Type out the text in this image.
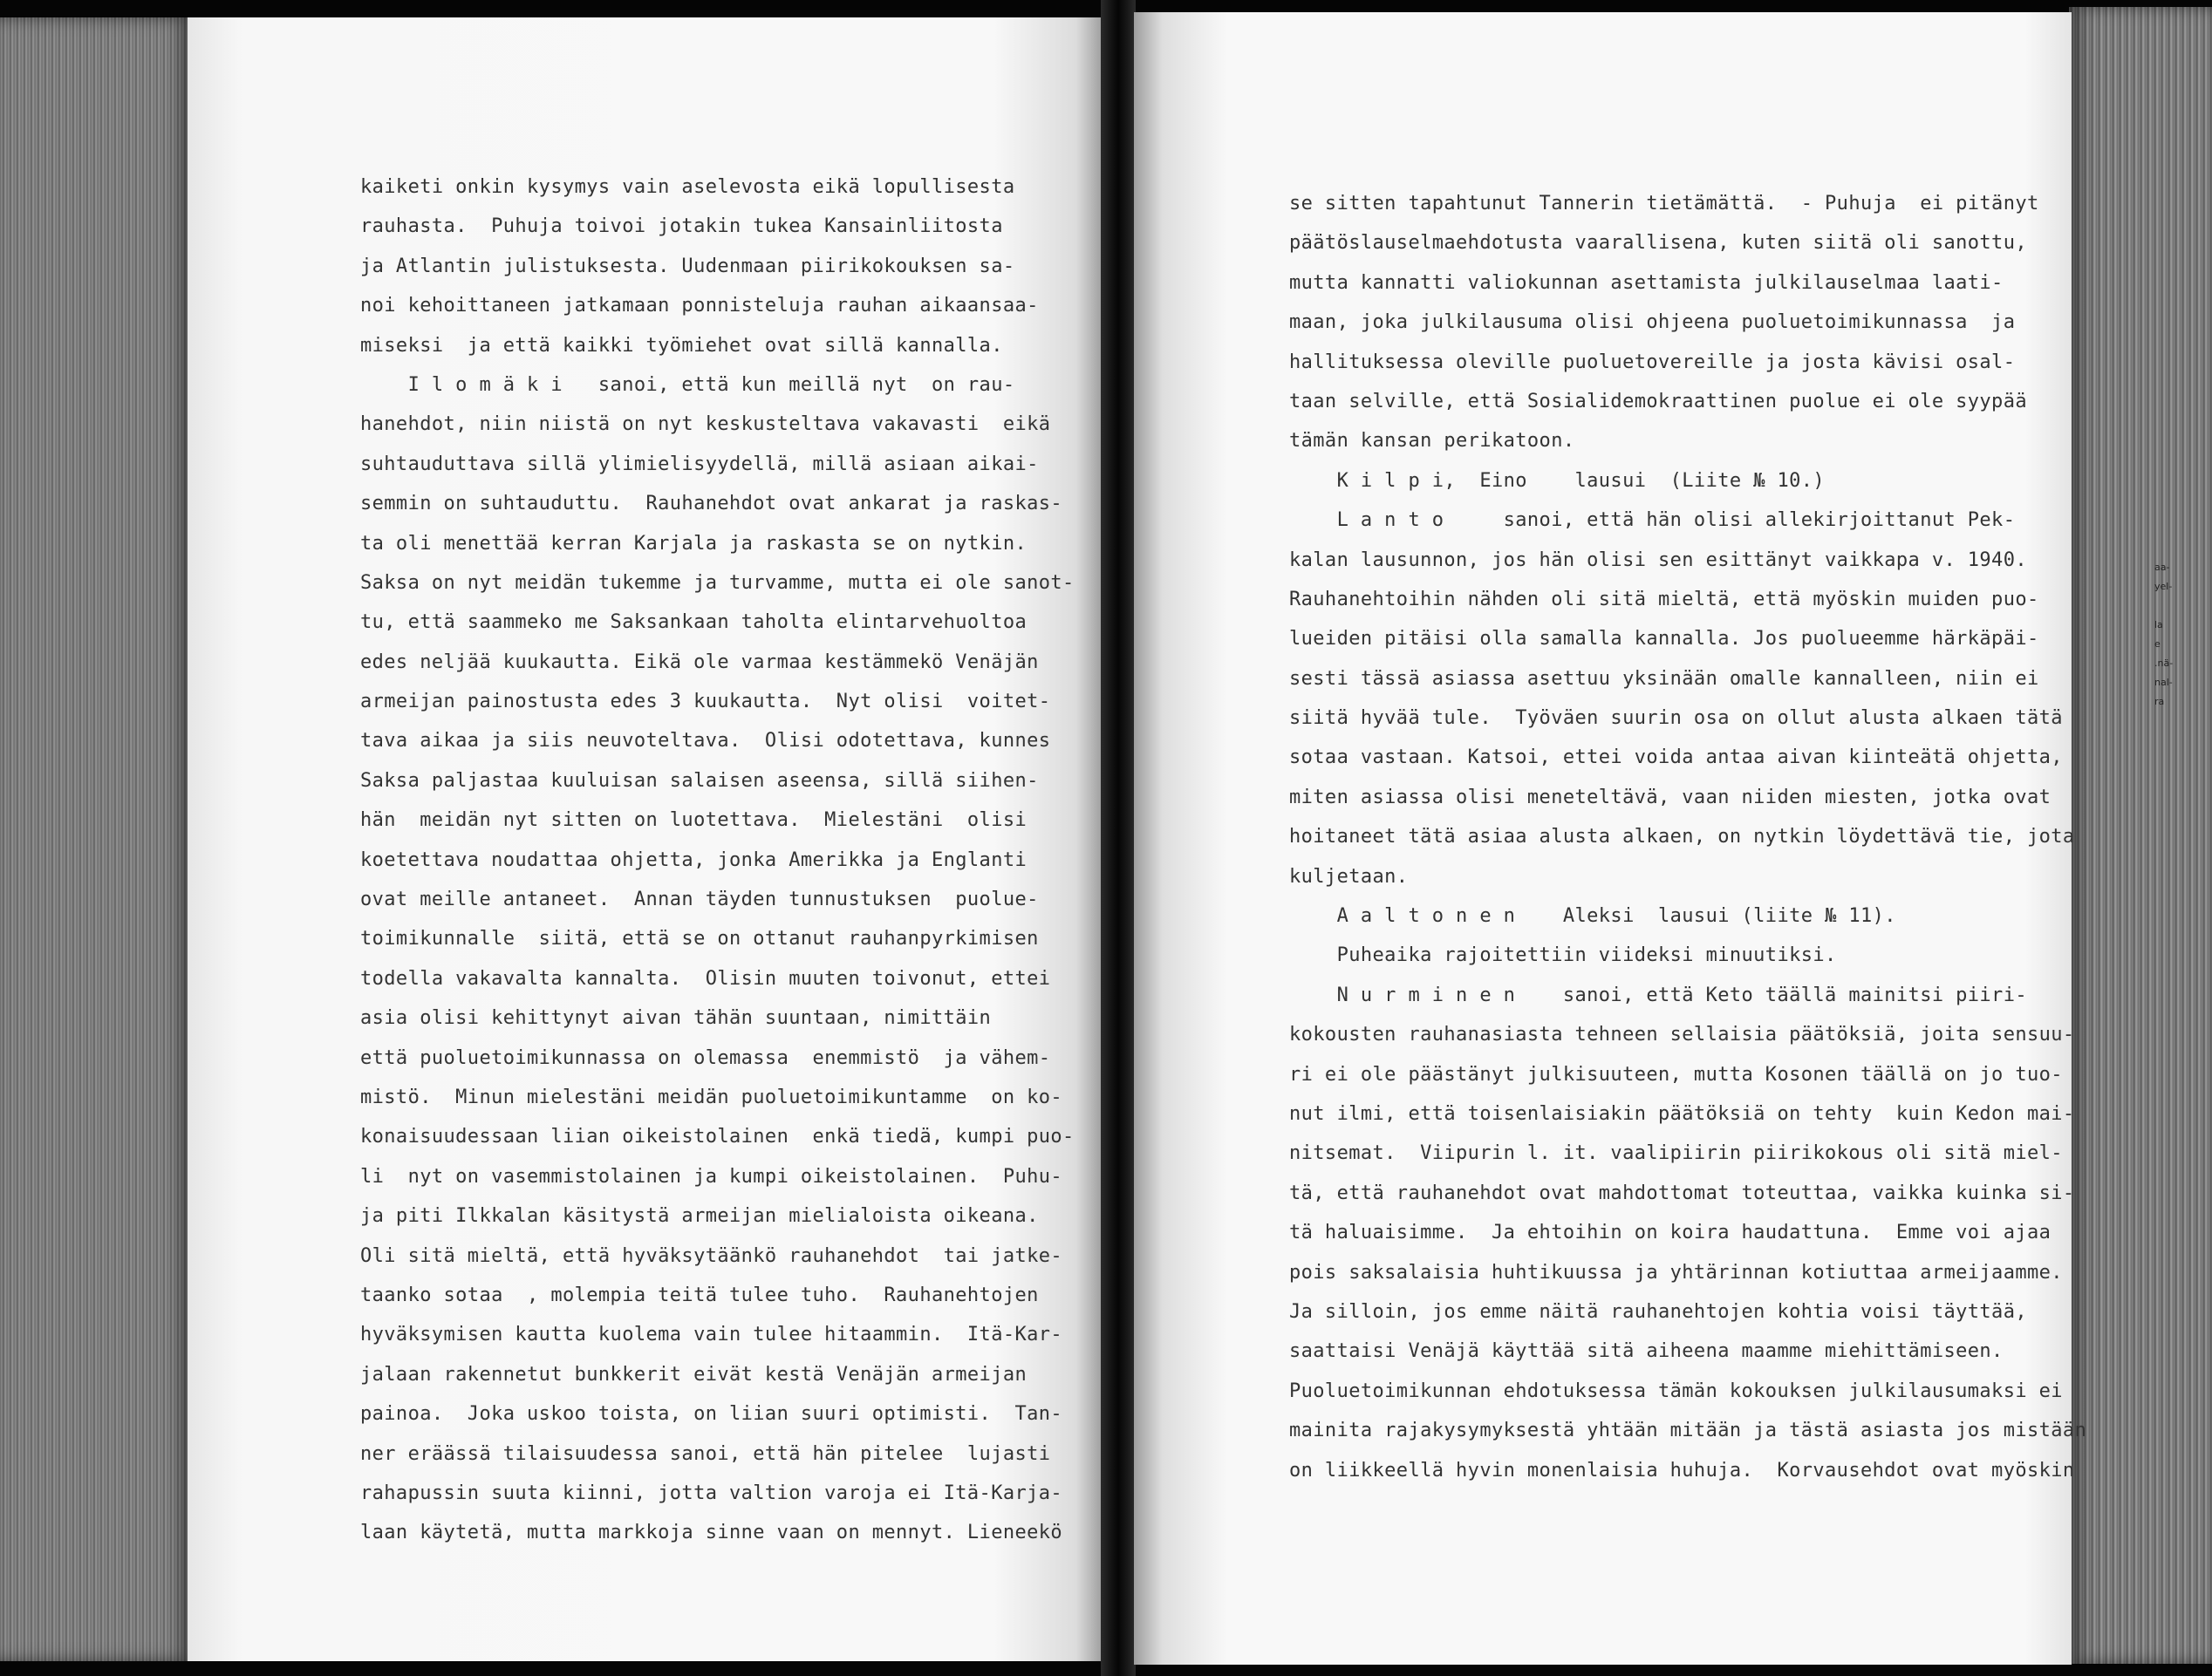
kaiketi onkin kysymys vain aselevosta eikä lopullisesta
rauhasta.  Puhuja toivoi jotakin tukea Kansainliitosta
ja Atlantin julistuksesta. Uudenmaan piirikokouksen sa-
noi kehoittaneen jatkamaan ponnisteluja rauhan aikaansaa-
miseksi  ja että kaikki työmiehet ovat sillä kannalla.
I l o m ä k i   sanoi, että kun meillä nyt  on rau-
hanehdot, niin niistä on nyt keskusteltava vakavasti  eikä
suhtauduttava sillä ylimielisyydellä, millä asiaan aikai-
semmin on suhtauduttu.  Rauhanehdot ovat ankarat ja raskas-
ta oli menettää kerran Karjala ja raskasta se on nytkin.
Saksa on nyt meidän tukemme ja turvamme, mutta ei ole sanot-
tu, että saammeko me Saksankaan taholta elintarvehuoltoa
edes neljää kuukautta. Eikä ole varmaa kestämmekö Venäjän
armeijan painostusta edes 3 kuukautta.  Nyt olisi  voitet-
tava aikaa ja siis neuvoteltava.  Olisi odotettava, kunnes
Saksa paljastaa kuuluisan salaisen aseensa, sillä siihen-
hän  meidän nyt sitten on luotettava.  Mielestäni  olisi
koetettava noudattaa ohjetta, jonka Amerikka ja Englanti
ovat meille antaneet.  Annan täyden tunnustuksen  puolue-
toimikunnalle  siitä, että se on ottanut rauhanpyrkimisen
todella vakavalta kannalta.  Olisin muuten toivonut, ettei
asia olisi kehittynyt aivan tähän suuntaan, nimittäin
että puoluetoimikunnassa on olemassa  enemmistö  ja vähem-
mistö.  Minun mielestäni meidän puoluetoimikuntamme  on ko-
konaisuudessaan liian oikeistolainen  enkä tiedä, kumpi puo-
li  nyt on vasemmistolainen ja kumpi oikeistolainen.  Puhu-
ja piti Ilkkalan käsitystä armeijan mielialoista oikeana.
Oli sitä mieltä, että hyväksytäänkö rauhanehdot  tai jatke-
taanko sotaa  , molempia teitä tulee tuho.  Rauhanehtojen
hyväksymisen kautta kuolema vain tulee hitaammin.  Itä-Kar-
jalaan rakennetut bunkkerit eivät kestä Venäjän armeijan
painoa.  Joka uskoo toista, on liian suuri optimisti.  Tan-
ner eräässä tilaisuudessa sanoi, että hän pitelee  lujasti
rahapussin suuta kiinni, jotta valtion varoja ei Itä-Karja-
laan käytetä, mutta markkoja sinne vaan on mennyt. Lieneekö
se sitten tapahtunut Tannerin tietämättä.  - Puhuja  ei pitänyt
päätöslauselmaehdotusta vaarallisena, kuten siitä oli sanottu,
mutta kannatti valiokunnan asettamista julkilauselmaa laati-
maan, joka julkilausuma olisi ohjeena puoluetoimikunnassa  ja
hallituksessa oleville puoluetovereille ja josta kävisi osal-
taan selville, että Sosialidemokraattinen puolue ei ole syypää
tämän kansan perikatoon.
K i l p i,  Eino    lausui  (Liite № 10.)
L a n t o     sanoi, että hän olisi allekirjoittanut Pek-
kalan lausunnon, jos hän olisi sen esittänyt vaikkapa v. 1940.
Rauhanehtoihin nähden oli sitä mieltä, että myöskin muiden puo-
lueiden pitäisi olla samalla kannalla. Jos puolueemme härkäpäi-
sesti tässä asiassa asettuu yksinään omalle kannalleen, niin ei
siitä hyvää tule.  Työväen suurin osa on ollut alusta alkaen tätä
sotaa vastaan. Katsoi, ettei voida antaa aivan kiinteätä ohjetta,
miten asiassa olisi meneteltävä, vaan niiden miesten, jotka ovat
hoitaneet tätä asiaa alusta alkaen, on nytkin löydettävä tie, jota
kuljetaan.
A a l t o n e n    Aleksi  lausui (liite № 11).
Puheaika rajoitettiin viideksi minuutiksi.
N u r m i n e n    sanoi, että Keto täällä mainitsi piiri-
kokousten rauhanasiasta tehneen sellaisia päätöksiä, joita sensuu-
ri ei ole päästänyt julkisuuteen, mutta Kosonen täällä on jo tuo-
nut ilmi, että toisenlaisiakin päätöksiä on tehty  kuin Kedon mai-
nitsemat.  Viipurin l. it. vaalipiirin piirikokous oli sitä miel-
tä, että rauhanehdot ovat mahdottomat toteuttaa, vaikka kuinka si-
tä haluaisimme.  Ja ehtoihin on koira haudattuna.  Emme voi ajaa
pois saksalaisia huhtikuussa ja yhtärinnan kotiuttaa armeijaamme.
Ja silloin, jos emme näitä rauhanehtojen kohtia voisi täyttää,
saattaisi Venäjä käyttää sitä aiheena maamme miehittämiseen.
Puoluetoimikunnan ehdotuksessa tämän kokouksen julkilausumaksi ei
mainita rajakysymyksestä yhtään mitään ja tästä asiasta jos mistään
on liikkeellä hyvin monenlaisia huhuja.  Korvausehdot ovat myöskin
aa-
yel-

la
e
.nä-
nal-
ra
